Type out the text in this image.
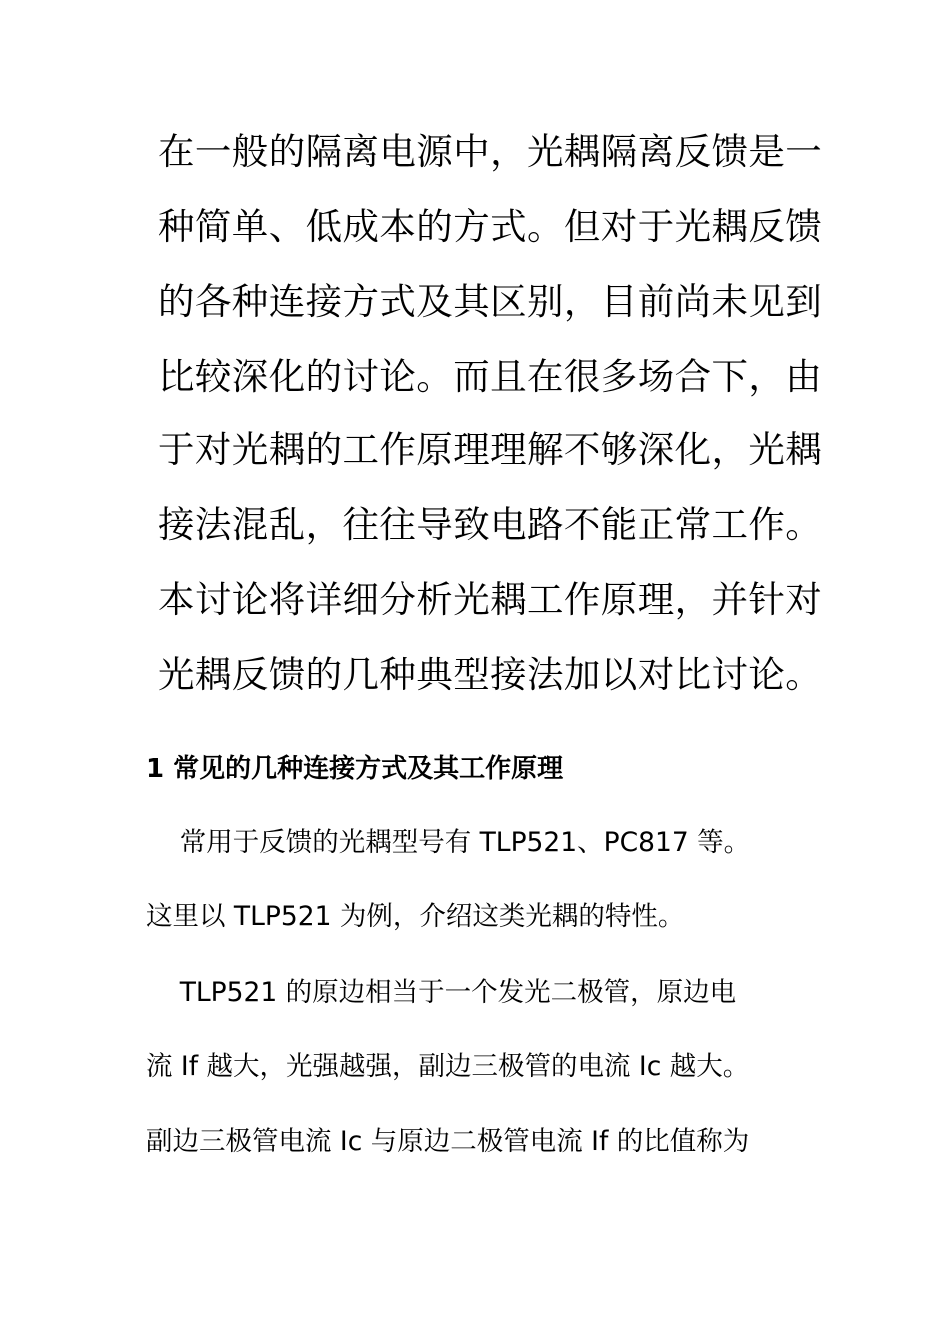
在一般的隔离电源中，光耦隔离反馈是一

种简单、低成本的方式。但对于光耦反馈

的各种连接方式及其区别，目前尚未见到

比较深化的讨论。而且在很多场合下，由

于对光耦的工作原理理解不够深化，光耦

接法混乱，往往导致电路不能正常工作。

本讨论将详细分析光耦工作原理，并针对

光耦反馈的几种典型接法加以对比讨论。

1 常见的几种连接方式及其工作原理

常用于反馈的光耦型号有 TLP521、PC817 等。

这里以 TLP521 为例，介绍这类光耦的特性。

TLP521 的原边相当于一个发光二极管，原边电

流 If 越大，光强越强，副边三极管的电流 Ic 越大。

副边三极管电流 Ic 与原边二极管电流 If 的比值称为
